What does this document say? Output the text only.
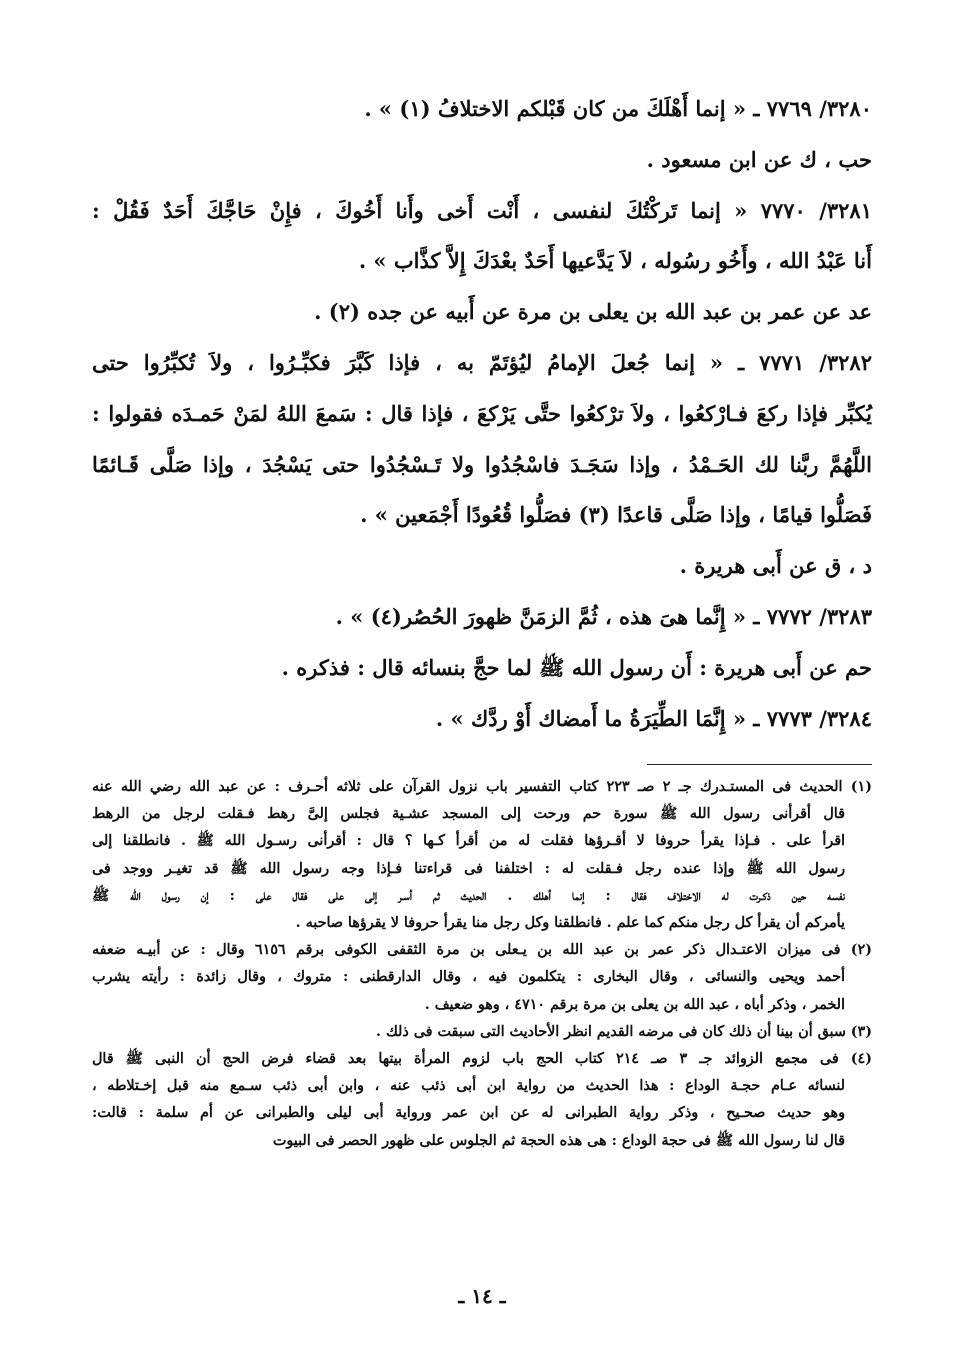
٣٢٨٠/ ٧٧٦٩ ـ « إنما أَهْلَكَ من كان قَبْلكم الاختلافُ (١) » .

حب ، ك عن ابن مسعود .

٣٢٨١/ ٧٧٧٠ « إنما تَركْتُكَ لنفسى ، أَنْت أَخى وأَنا أَخُوكَ ، فإِنْ حَاجَّكَ أَحَدٌ فَقُلْ :

أَنا عَبْدُ الله ، وأَخُو رسُوله ، لاَ يَدَّعيها أَحَدٌ بعْدَكَ إِلاَّ كذَّاب » .

عد عن عمر بن عبد الله بن يعلى بن مرة عن أَبيه عن جده (٢) .

٣٢٨٢/ ٧٧٧١ ـ « إنما جُعلَ الإمامُ ليُؤتَمّ به ، فإذا كَبَّرَ فكبِّـرُوا ، ولاَ تُكبِّرُوا حتى

يُكبِّر فإذا ركعَ فـارْكعُوا ، ولاَ ترْكعُوا حتَّى يَرْكعَ ، فإذا قال : سَمعَ اللهُ لمَنْ حَمـدَه فقولوا :

اللَّهُمَّ ربَّنا لك الحَـمْدُ ، وإذا سَجَـدَ فاسْجُدُوا ولا تَـسْجُدُوا حتى يَسْجُدَ ، وإذا صَلَّى قَـائمًا

فَصَلُّوا قيامًا ، وإذا صَلَّى قاعدًا (٣) فصَلُّوا قُعُودًا أَجْمَعين » .

د ، ق عن أَبى هريرة .

٣٢٨٣/ ٧٧٧٢ ـ « إِنَّما هىَ هذه ، ثُمَّ الزمَنَّ ظهورَ الحُصُر(٤) » .

حم عن أَبى هريرة : أَن رسول الله ﷺ لما حجَّ بنسائه قال : فذكره .

٣٢٨٤/ ٧٧٧٣ ـ « إِنَّمَا الطِّيَرَةُ ما أَمضاك أَوْ ردَّك » .

(١) الحديث فى المستـدرك جـ ٢ صـ ٢٢٣ كتاب التفسير باب نزول القرآن على ثلاثه أحـرف : عن عبد الله رضي الله عنه

قال أقرأنى رسول الله ﷺ سورة حم ورحت إلى المسجد عشـية فجلس إلىَّ رهط فـقلت لرجل من الرهط

اقرأ على . فـإذا يقرأ حروفا لا أقـرؤها فقلت له من أقرأ كـها ؟ قال : أقرأنى رسـول الله ﷺ . فانطلقنا إلى

رسول الله ﷺ وإذا عنده رجل فـقلت له : اختلفنا فى قراءتنا فـإذا وجه رسول الله ﷺ قد تغيـر ووجد فى

نفسه حين ذكـرت له الاختلاف فقال : إنما أهلك . الحديث ثم أسـر إلى على فقال على : إن رسول الله ﷺ

يأمركم أن يقرأ كل رجل منكم كما علم . فانطلقنا وكل رجل منا يقرأ حروفا لا يقرؤها صاحبه .

(٢) فى ميزان الاعتـدال ذكر عمر بن عبد الله بن يـعلى بن مرة الثقفى الكوفى برقم ٦١٥٦ وقال : عن أبيـه ضعفه

أحمد ويحيى والنسائى ، وقال البخارى : يتكلمون فيه ، وقال الدارقطنى : متروك ، وقال زائدة : رأيته يشرب

الخمر ، وذكر أباه ، عبد الله بن يعلى بن مرة برقم ٤٧١٠ ، وهو ضعيف .

(٣) سبق أن بينا أن ذلك كان فى مرضه القديم انظر الأحاديث التى سبقت فى ذلك .

(٤) فى مجمع الزوائد جـ ٣ صـ ٢١٤ كتاب الحج باب لزوم المرأة بيتها بعد قضاء فرض الحج أن النبى ﷺ قال

لنسائه عـام حجـة الوداع : هذا الحديث من رواية ابن أبى ذئب عنه ، وابن أبى ذئب سـمع منه قبل إخـتلاطه ،

وهو حديث صحـيح ، وذكر رواية الطبرانى له عن ابن عمر ورواية أبى ليلى والطبرانى عن أم سلمة : قالت:

قال لنا رسول الله ﷺ فى حجة الوداع : هى هذه الحجة ثم الجلوس على ظهور الحصر فى البيوت

ـ ١٤ ـ
